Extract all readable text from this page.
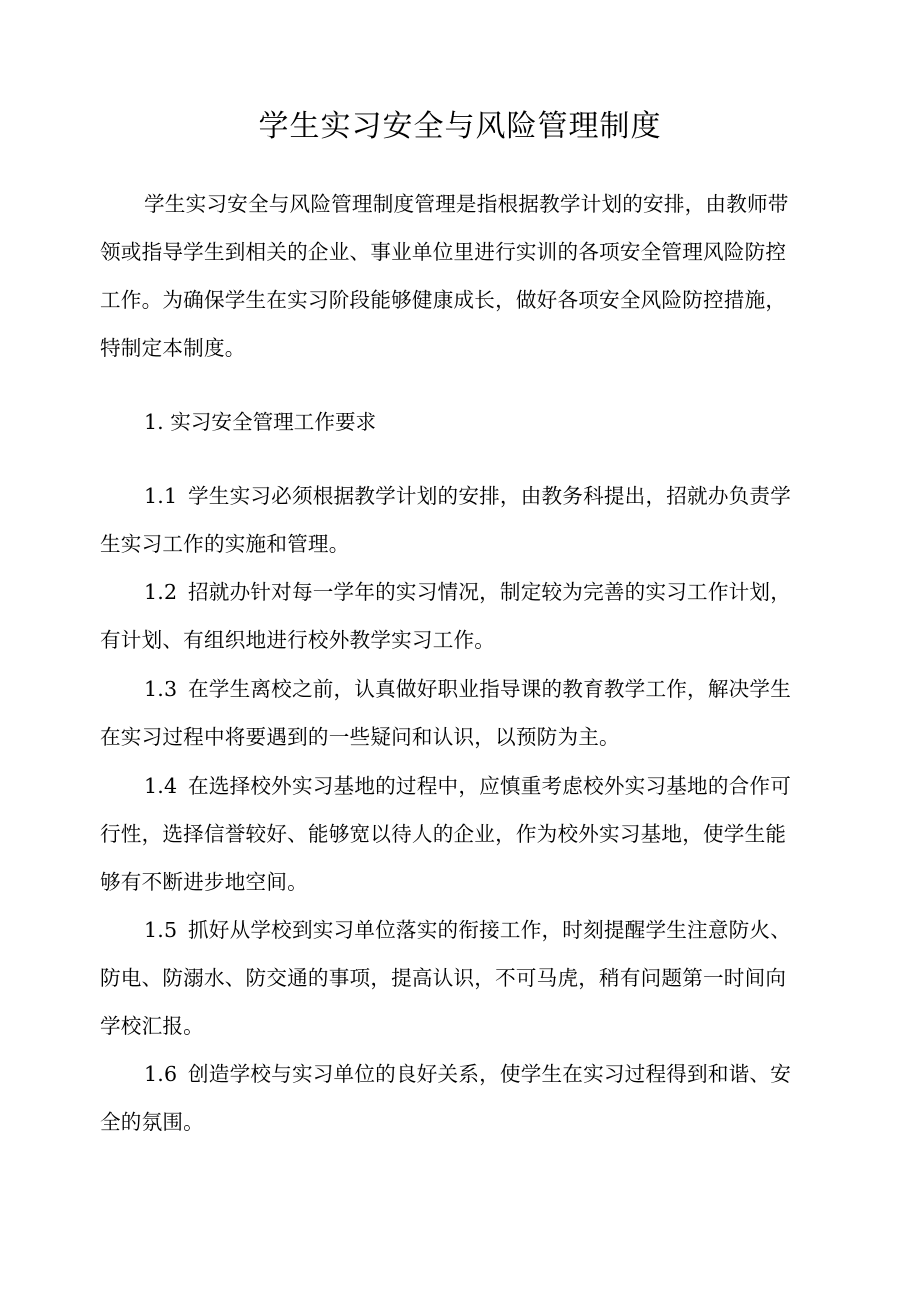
学生实习安全与风险管理制度
学生实习安全与风险管理制度管理是指根据教学计划的安排，由教师带
领或指导学生到相关的企业、事业单位里进行实训的各项安全管理风险防控
工作。为确保学生在实习阶段能够健康成长，做好各项安全风险防控措施，
特制定本制度。

1. 实习安全管理工作要求

1.1 学生实习必须根据教学计划的安排，由教务科提出，招就办负责学
生实习工作的实施和管理。
1.2 招就办针对每一学年的实习情况，制定较为完善的实习工作计划，
有计划、有组织地进行校外教学实习工作。
1.3 在学生离校之前，认真做好职业指导课的教育教学工作，解决学生
在实习过程中将要遇到的一些疑问和认识，以预防为主。
1.4 在选择校外实习基地的过程中，应慎重考虑校外实习基地的合作可
行性，选择信誉较好、能够宽以待人的企业，作为校外实习基地，使学生能
够有不断进步地空间。
1.5 抓好从学校到实习单位落实的衔接工作，时刻提醒学生注意防火、
防电、防溺水、防交通的事项，提高认识，不可马虎，稍有问题第一时间向
学校汇报。
1.6 创造学校与实习单位的良好关系，使学生在实习过程得到和谐、安
全的氛围。
